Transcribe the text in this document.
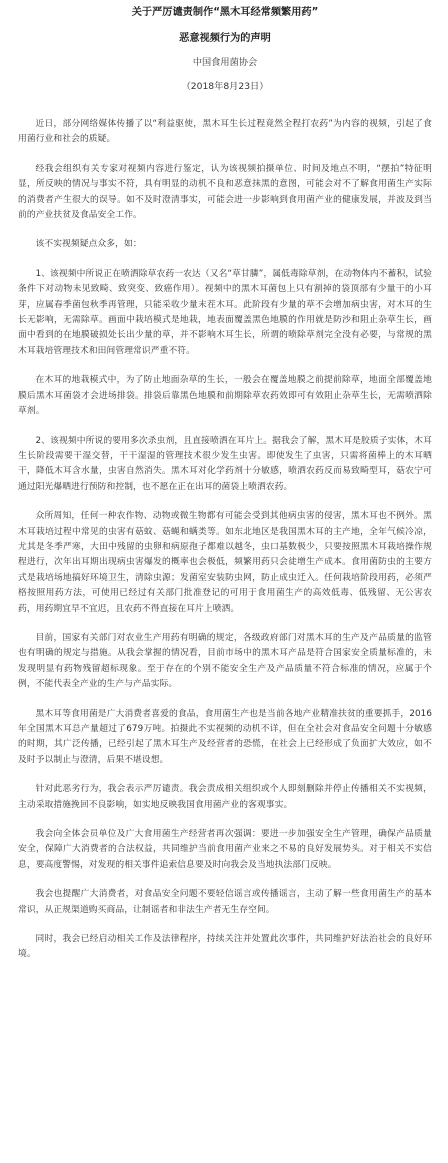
关于严厉谴责制作“黑木耳经常频繁用药”
恶意视频行为的声明
中国食用菌协会
（2018年8月23日）

近日，部分网络媒体传播了以“利益驱使，黑木耳生长过程竟然全程打农药”为内容的视频，引起了食用菌行业和社会的质疑。

经我会组织有关专家对视频内容进行鉴定，认为该视频拍摄单位、时间及地点不明，“摆拍”特征明显，所反映的情况与事实不符，具有明显的动机不良和恶意抹黑的意图，可能会对不了解食用菌生产实际的消费者产生很大的误导。如不及时澄清事实，可能会进一步影响到食用菌产业的健康发展，并波及到当前的产业扶贫及食品安全工作。

该不实视频疑点众多，如：

1、该视频中所说正在喷洒除草农药一农达（又名“草甘膦”，属低毒除草剂，在动物体内不蓄积，试验条件下对动物未见致畸、致突变、致癌作用）。视频中的黑木耳菌包上只有割掉的袋顶部有少量干的小耳芽，应属春季菌包秋季再管理，只能采收少量末茬木耳。此阶段有少量的草不会增加病虫害，对木耳的生长无影响，无需除草。画面中栽培模式是地栽，地表面覆盖黑色地膜的作用就是防沙和阻止杂草生长，画面中看到的在地膜破损处长出少量的草，并不影响木耳生长，所谓的喷除草剂完全没有必要，与常规的黑木耳栽培管理技术和田间管理常识严重不符。

在木耳的地栽模式中，为了防止地面杂草的生长，一般会在覆盖地膜之前提前除草，地面全部覆盖地膜后黑木耳菌袋才会进场排袋。排袋后靠黑色地膜和前期除草农药效即可有效阻止杂草生长，无需喷洒除草剂。

2、该视频中所说的要用多次杀虫剂，且直接喷洒在耳片上。据我会了解，黑木耳是胶质子实体，木耳生长阶段需要干湿交替，干干湿湿的管理技术很少发生虫害。即使发生了虫害，只需将菌棒上的木耳晒干，降低木耳含水量，虫害自然消失。黑木耳对化学药剂十分敏感，喷洒农药反而易致畸型耳，菇农宁可通过阳光爆晒进行预防和控制，也不愿在正在出耳的菌袋上喷洒农药。

众所周知，任何一种农作物、动物或微生物都有可能会受到其他病虫害的侵害，黑木耳也不例外。黑木耳栽培过程中常见的虫害有菇蚊、菇蝇和螨类等。如东北地区是我国黑木耳的主产地，全年气候冷凉，尤其是冬季严寒，大田中残留的虫卵和病原孢子都难以越冬，虫口基数极少，只要按照黑木耳栽培操作规程进行，次年出耳期出现病虫害爆发的概率也会极低，频繁用药只会徒增生产成本。食用菌防虫的主要方式是栽培场地搞好环境卫生，清除虫源；发菌室安装防虫网，防止成虫迁入。任何栽培阶段用药，必须严格按照用药方法，可使用已经过有关部门批准登记的可用于食用菌生产的高效低毒、低残留、无公害农药，用药期宜早不宜迟，且农药不得直接在耳片上喷洒。

目前，国家有关部门对农业生产用药有明确的规定，各级政府部门对黑木耳的生产及产品质量的监管也有明确的规定与措施。从我会掌握的情况看，目前市场中的黑木耳产品是符合国家安全质量标准的，未发现明显有药物残留超标现象。至于存在的个别不能安全生产及产品质量不符合标准的情况，应属于个例，不能代表全产业的生产与产品实际。

黑木耳等食用菌是广大消费者喜爱的食品，食用菌生产也是当前各地产业精准扶贫的重要抓手，2016年全国黑木耳总产量超过了679万吨。拍摄此不实视频的动机不详，但在全社会对食品安全问题十分敏感的时期，其广泛传播，已经引起了黑木耳生产及经营者的恐慌，在社会上已经形成了负面扩大效应，如不及时予以制止与澄清，后果不堪设想。

针对此恶劣行为，我会表示严厉谴责。我会责成相关组织或个人即刻删除并停止传播相关不实视频，主动采取措施挽回不良影响，如实地反映我国食用菌产业的客观事实。

我会向全体会员单位及广大食用菌生产经营者再次强调：要进一步加强安全生产管理，确保产品质量安全，保障广大消费者的合法权益，共同维护当前食用菌产业来之不易的良好发展势头。对于相关不实信息，要高度警惕，对发现的相关事件追索信息要及时向我会及当地执法部门反映。

我会也提醒广大消费者，对食品安全问题不要轻信谣言或传播谣言，主动了解一些食用菌生产的基本常识，从正规渠道购买商品，让制谣者和非法生产者无生存空间。

同时，我会已经启动相关工作及法律程序，持续关注并处置此次事件，共同维护好法治社会的良好环境。
